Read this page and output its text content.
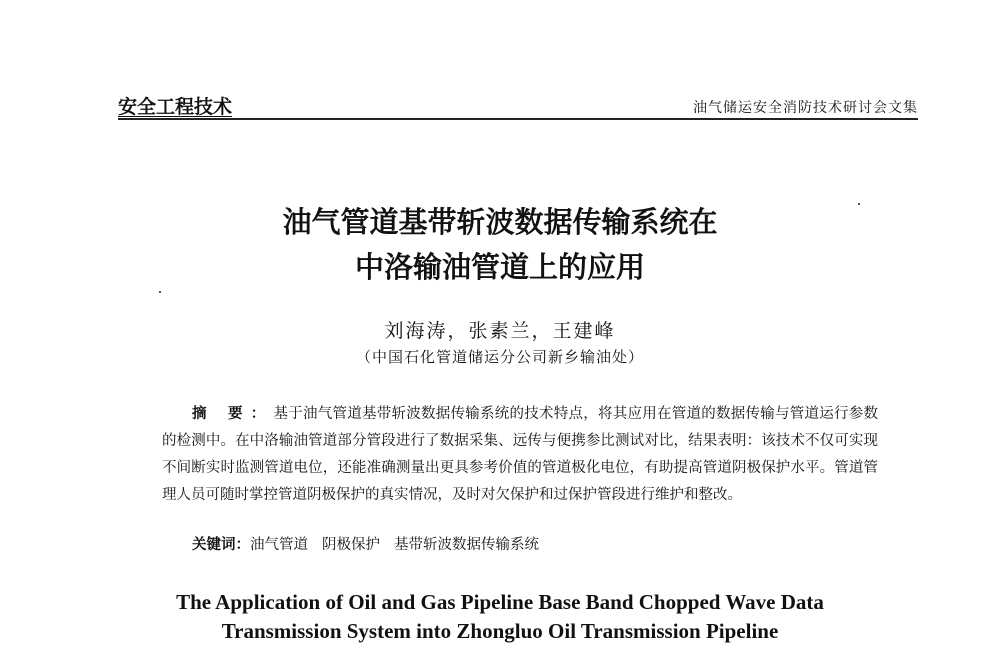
安全工程技术	油气储运安全消防技术研讨会文集
油气管道基带斩波数据传输系统在
中洛输油管道上的应用
刘海涛，张素兰，王建峰
（中国石化管道储运分公司新乡输油处）
摘 要：基于油气管道基带斩波数据传输系统的技术特点，将其应用在管道的数据传输与管道运行参数的检测中。在中洛输油管道部分管段进行了数据采集、远传与便携参比测试对比，结果表明：该技术不仅可实现不间断实时监测管道电位，还能准确测量出更具参考价值的管道极化电位，有助提高管道阴极保护水平。管道管理人员可随时掌控管道阴极保护的真实情况，及时对欠保护和过保护管段进行维护和整改。
关键词：油气管道 阴极保护 基带斩波数据传输系统
The Application of Oil and Gas Pipeline Base Band Chopped Wave Data
Transmission System into Zhongluo Oil Transmission Pipeline
